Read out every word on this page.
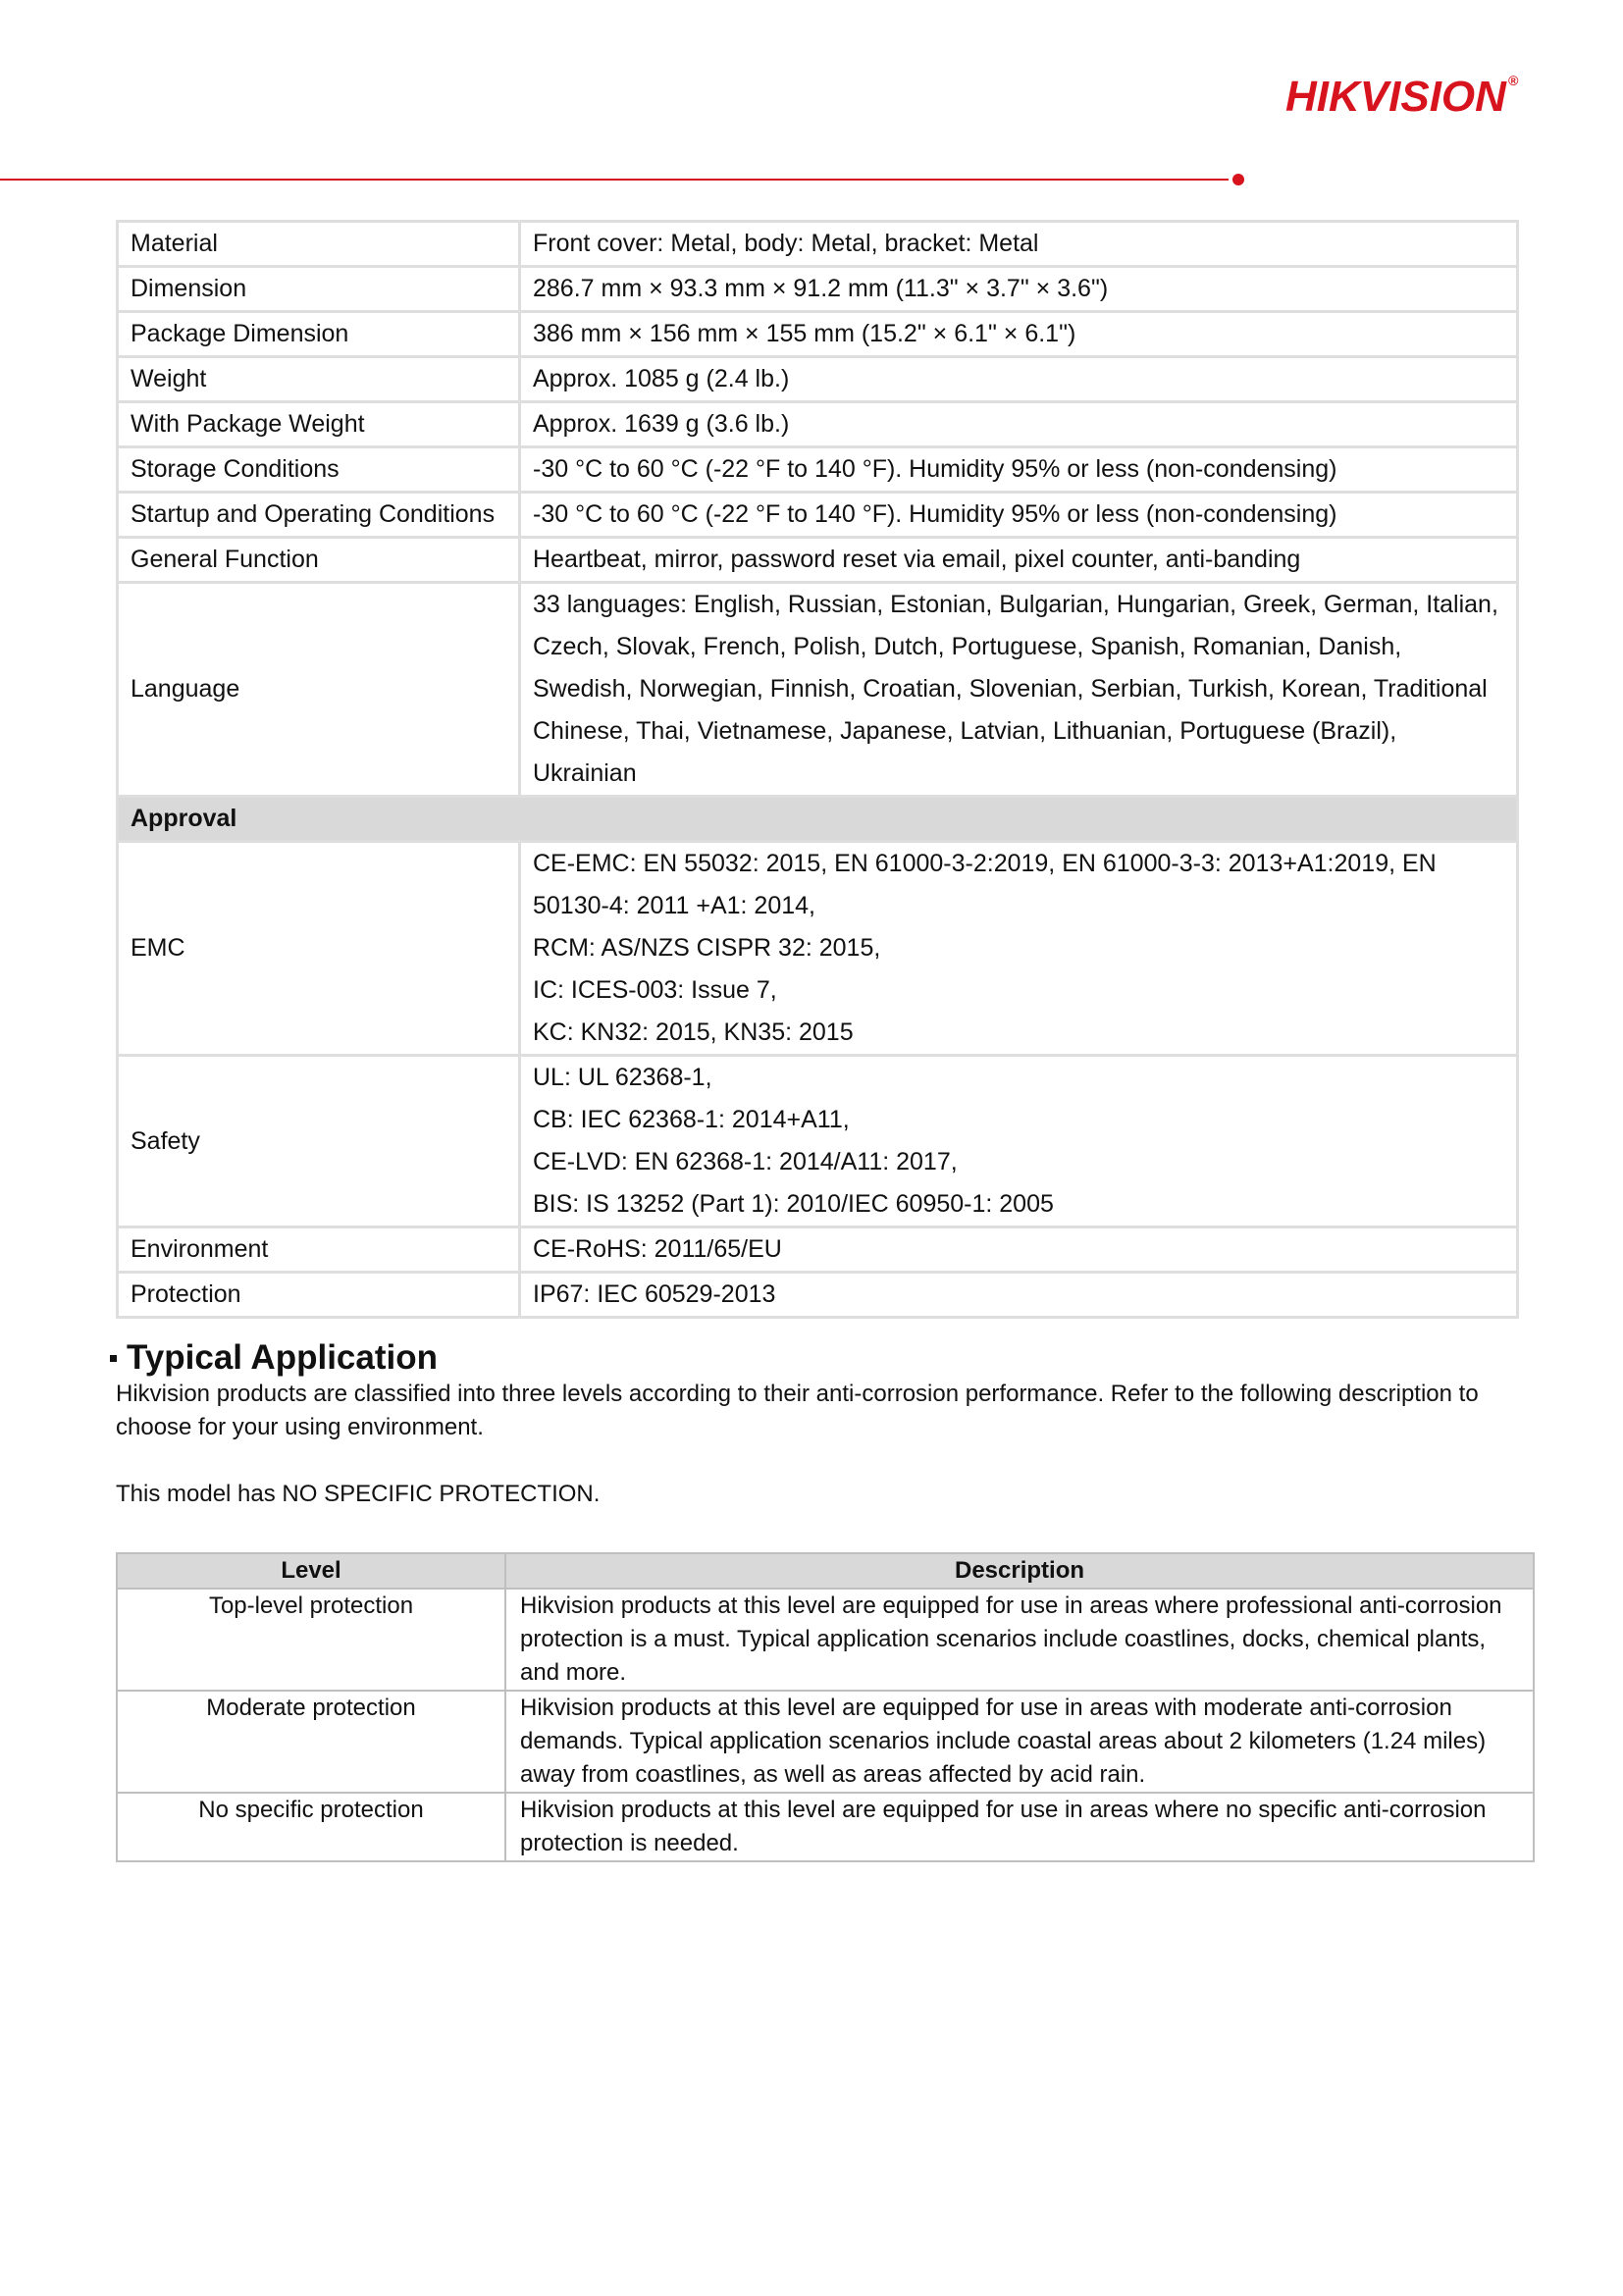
HIKVISION ®
Material	Front cover: Metal, body: Metal, bracket: Metal

Dimension	286.7 mm × 93.3 mm × 91.2 mm (11.3" × 3.7" × 3.6")

Package Dimension	386 mm × 156 mm × 155 mm (15.2" × 6.1" × 6.1")

Weight	Approx. 1085 g (2.4 lb.)

With Package Weight	Approx. 1639 g (3.6 lb.)

Storage Conditions	-30 °C to 60 °C (-22 °F to 140 °F). Humidity 95% or less (non-condensing)

Startup and Operating Conditions	-30 °C to 60 °C (-22 °F to 140 °F). Humidity 95% or less (non-condensing)

General Function	Heartbeat, mirror, password reset via email, pixel counter, anti-banding

Language	33 languages: English, Russian, Estonian, Bulgarian, Hungarian, Greek, German, Italian, Czech, Slovak, French, Polish, Dutch, Portuguese, Spanish, Romanian, Danish, Swedish, Norwegian, Finnish, Croatian, Slovenian, Serbian, Turkish, Korean, Traditional Chinese, Thai, Vietnamese, Japanese, Latvian, Lithuanian, Portuguese (Brazil), Ukrainian

Approval	
EMC	CE-EMC: EN 55032: 2015, EN 61000-3-2:2019, EN 61000-3-3: 2013+A1:2019, EN 50130-4: 2011 +A1: 2014,
RCM: AS/NZS CISPR 32: 2015,
IC: ICES-003: Issue 7,
KC: KN32: 2015, KN35: 2015

Safety	UL: UL 62368-1,
CB: IEC 62368-1: 2014+A11,
CE-LVD: EN 62368-1: 2014/A11: 2017,
BIS: IS 13252 (Part 1): 2010/IEC 60950-1: 2005

Environment	CE-RoHS: 2011/65/EU

Protection	IP67: IEC 60529-2013
Typical Application
Hikvision products are classified into three levels according to their anti-corrosion performance. Refer to the following description to choose for your using environment.
This model has NO SPECIFIC PROTECTION.
Level	Description
Top-level protection	Hikvision products at this level are equipped for use in areas where professional anti-corrosion protection is a must. Typical application scenarios include coastlines, docks, chemical plants, and more.
Moderate protection	Hikvision products at this level are equipped for use in areas with moderate anti-corrosion demands. Typical application scenarios include coastal areas about 2 kilometers (1.24 miles) away from coastlines, as well as areas affected by acid rain.
No specific protection	Hikvision products at this level are equipped for use in areas where no specific anti-corrosion protection is needed.
